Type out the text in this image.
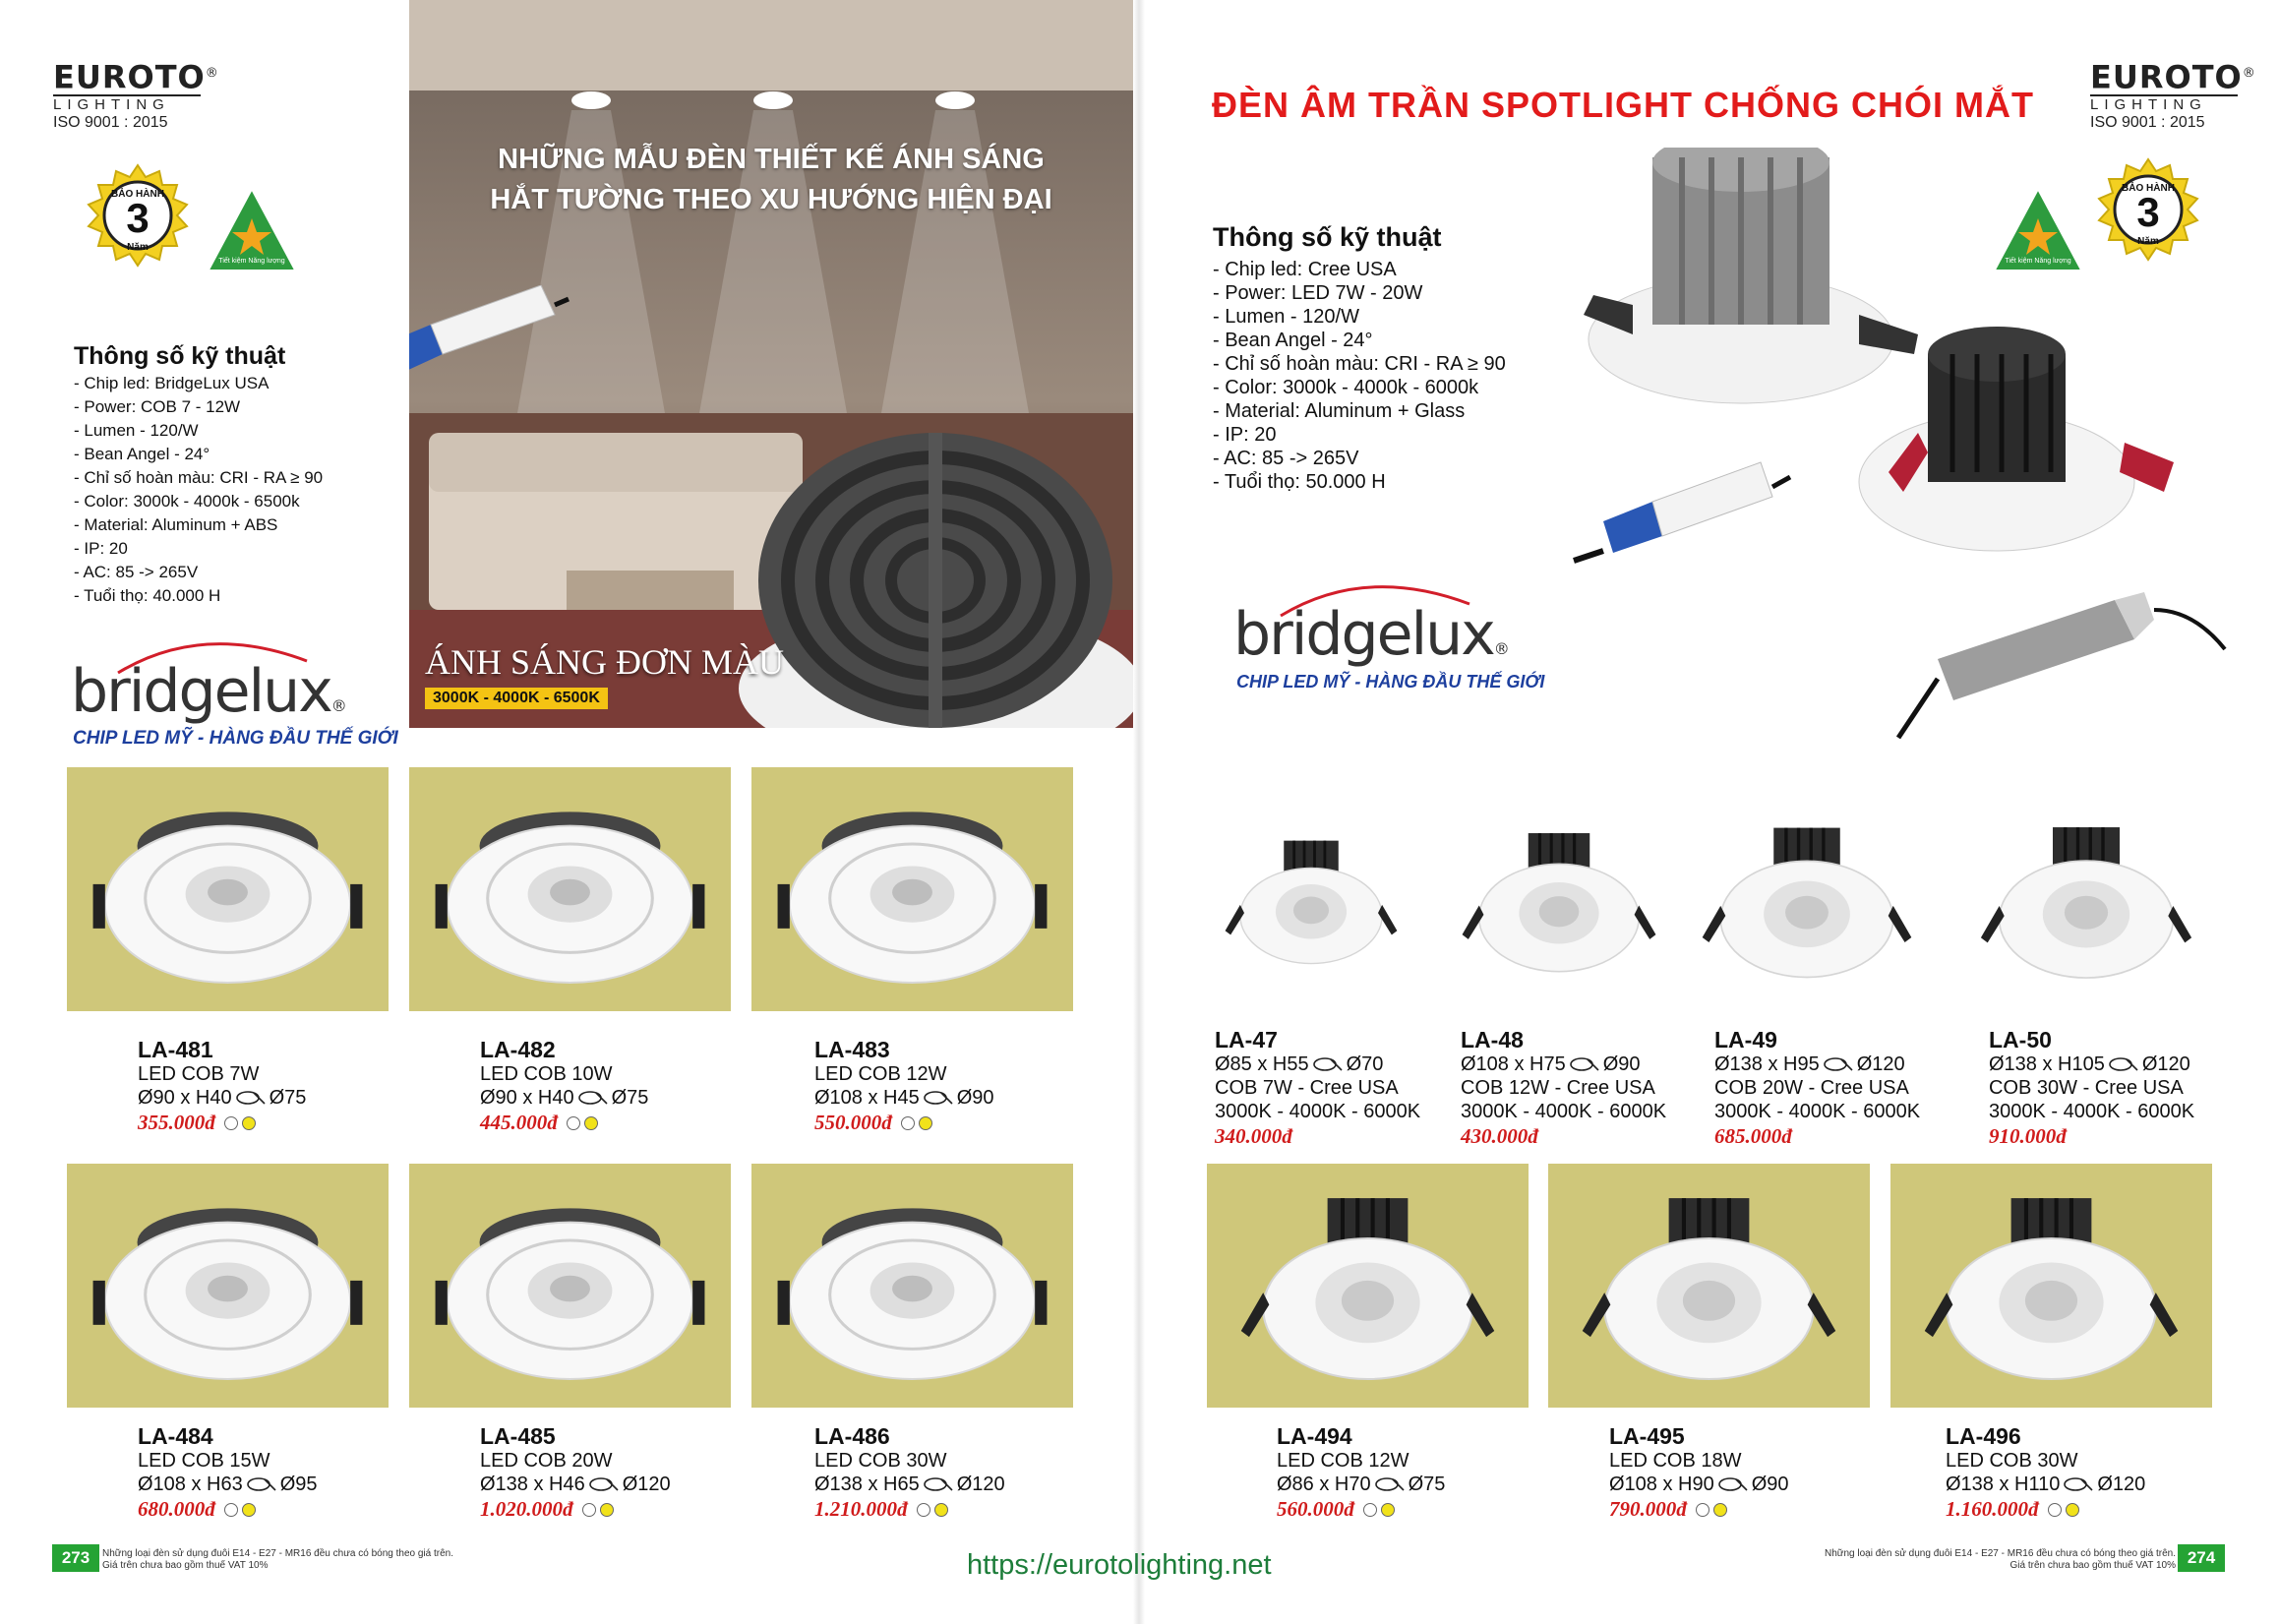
EUROTO®
LIGHTING
ISO 9001 : 2015
BẢO HÀNH
3
Năm
Tiết kiệm Năng lượng
Thông số kỹ thuật
- Chip led: BridgeLux USA
- Power: COB 7 - 12W
- Lumen - 120/W
- Bean Angel - 24°
- Chỉ số hoàn màu: CRI - RA ≥ 90
- Color: 3000k - 4000k - 6500k
- Material: Aluminum + ABS
- IP: 20
- AC: 85 -> 265V
- Tuổi thọ: 40.000 H
bridgelux®
CHIP LED MỸ - HÀNG ĐẦU THẾ GIỚI
NHỮNG MẪU ĐÈN THIẾT KẾ ÁNH SÁNG
HẮT TƯỜNG THEO XU HƯỚNG HIỆN ĐẠI
ÁNH SÁNG ĐƠN MÀU
3000K - 4000K - 6500K
LA-481
LED COB 7W
Ø90 x H40 Ø75
355.000đ
LA-482
LED COB 10W
Ø90 x H40 Ø75
445.000đ
LA-483
LED COB 12W
Ø108 x H45 Ø90
550.000đ
LA-484
LED COB 15W
Ø108 x H63 Ø95
680.000đ
LA-485
LED COB 20W
Ø138 x H46 Ø120
1.020.000đ
LA-486
LED COB 30W
Ø138 x H65 Ø120
1.210.000đ
273	Những loại đèn sử dụng đuôi E14 - E27 - MR16 đều chưa có bóng theo giá trên.
Giá trên chưa bao gồm thuế VAT 10%	https://eurotolighting.net
ĐÈN ÂM TRẦN SPOTLIGHT CHỐNG CHÓI MẮT
EUROTO®
LIGHTING
ISO 9001 : 2015
Tiết kiệm Năng lượng
BẢO HÀNH
3
Năm
Thông số kỹ thuật
- Chip led: Cree USA
- Power: LED 7W - 20W
- Lumen - 120/W
- Bean Angel - 24°
- Chỉ số hoàn màu: CRI - RA ≥ 90
- Color: 3000k - 4000k - 6000k
- Material: Aluminum + Glass
- IP: 20
- AC: 85 -> 265V
- Tuổi thọ: 50.000 H
bridgelux®
CHIP LED MỸ - HÀNG ĐẦU THẾ GIỚI
LA-47
Ø85 x H55 Ø70
COB 7W - Cree USA
3000K - 4000K - 6000K
340.000đ
LA-48
Ø108 x H75 Ø90
COB 12W - Cree USA
3000K - 4000K - 6000K
430.000đ
LA-49
Ø138 x H95 Ø120
COB 20W - Cree USA
3000K - 4000K - 6000K
685.000đ
LA-50
Ø138 x H105 Ø120
COB 30W - Cree USA
3000K - 4000K - 6000K
910.000đ
LA-494
LED COB 12W
Ø86 x H70 Ø75
560.000đ
LA-495
LED COB 18W
Ø108 x H90 Ø90
790.000đ
LA-496
LED COB 30W
Ø138 x H110 Ø120
1.160.000đ
Những loại đèn sử dụng đuôi E14 - E27 - MR16 đều chưa có bóng theo giá trên.
Giá trên chưa bao gồm thuế VAT 10% 274
